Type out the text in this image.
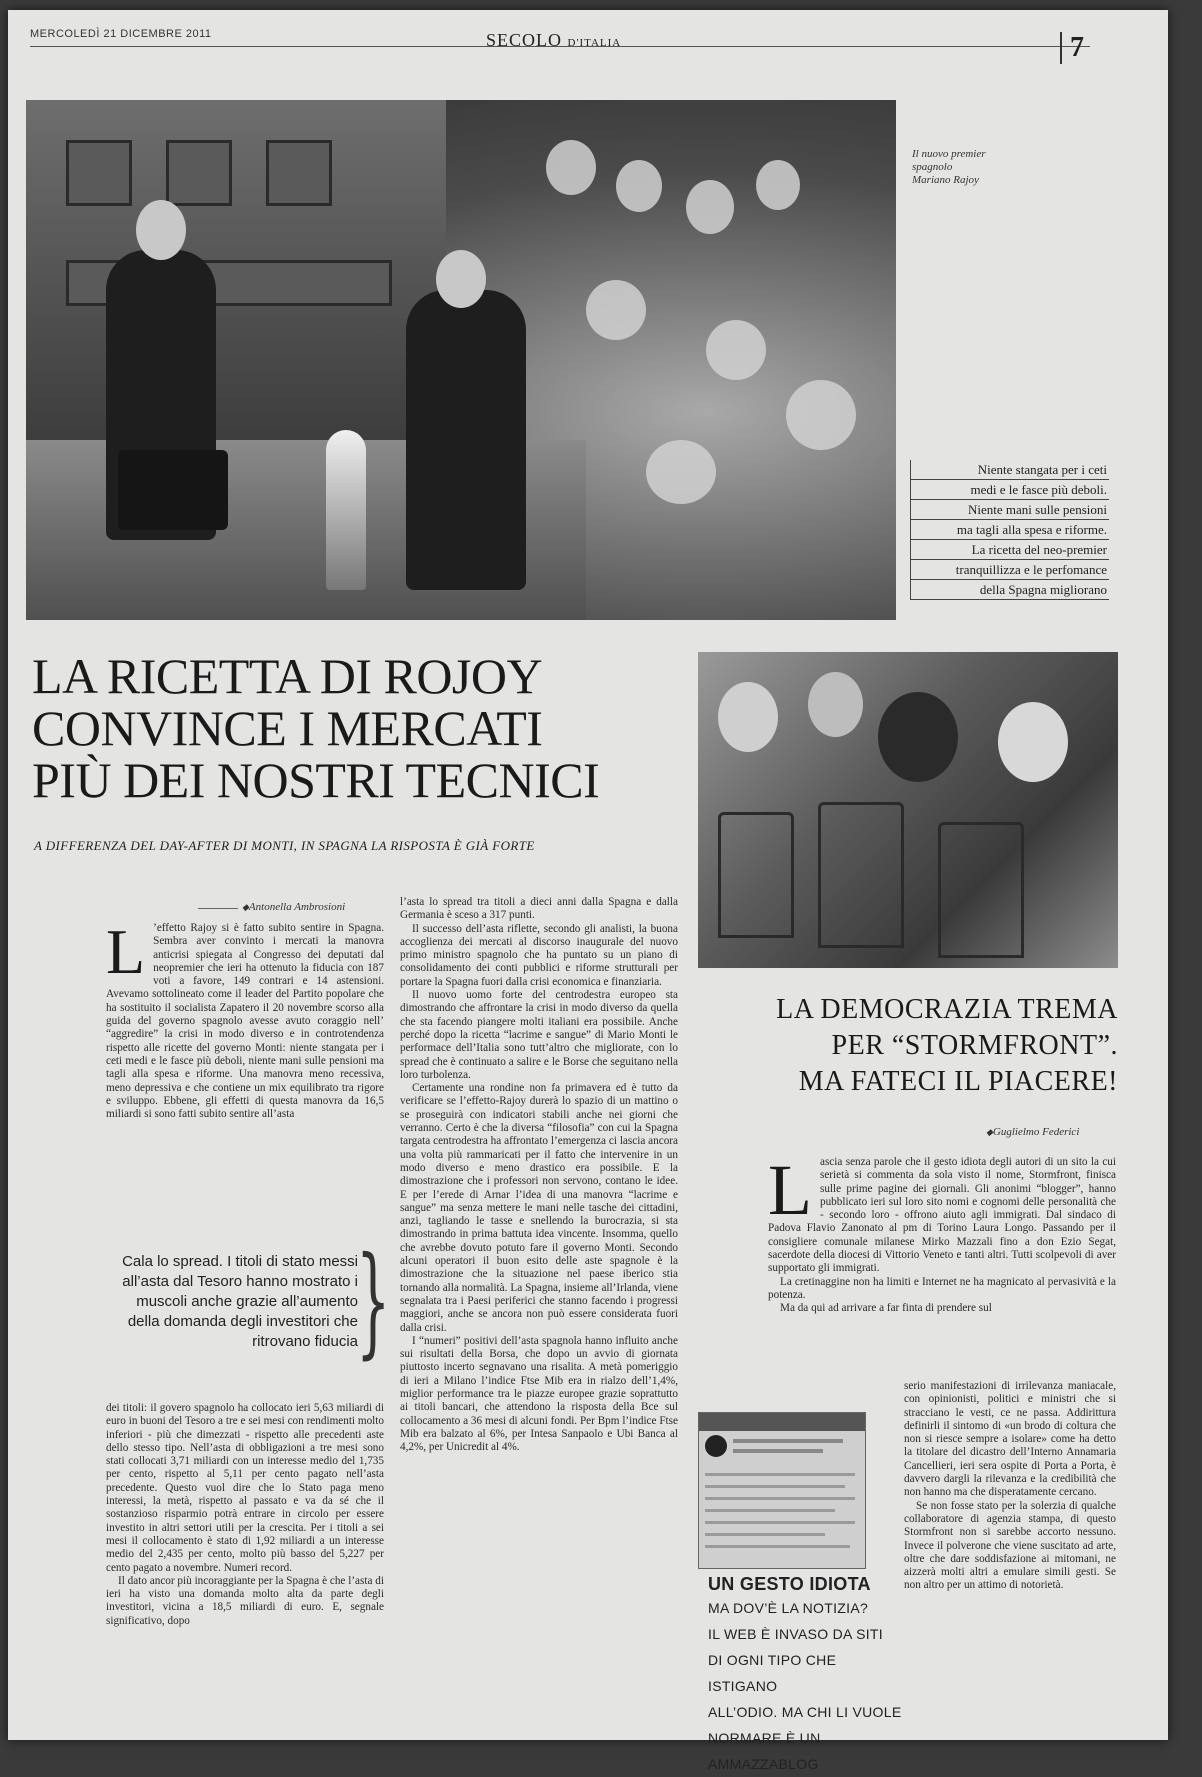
MERCOLEDÌ 21 DICEMBRE 2011	SECOLO D'ITALIA	7
Il nuovo premier
spagnolo
Mariano Rajoy
Niente stangata per i ceti
medi e le fasce più deboli.
Niente mani sulle pensioni
ma tagli alla spesa e riforme.
La ricetta del neo-premier
tranquillizza e le perfomance
della Spagna migliorano
LA RICETTA DI ROJOY
CONVINCE I MERCATI
PIÙ DEI NOSTRI TECNICI
A DIFFERENZA DEL DAY-AFTER DI MONTI, IN SPAGNA LA RISPOSTA È GIÀ FORTE
◆ Antonella Ambrosioni

L ’effetto Rajoy si è fatto subito sentire in Spagna. Sembra aver convinto i mercati la manovra anticrisi spiegata al Congresso dei deputati dal neopremier che ieri ha ottenuto la fiducia con 187 voti a favore, 149 contrari e 14 astensioni. Avevamo sottolineato come il leader del Partito popolare che ha sostituito il socialista Zapatero il 20 novembre scorso alla guida del governo spagnolo avesse avuto coraggio nell’ “aggredire” la crisi in modo diverso e in controtendenza rispetto alle ricette del governo Monti: niente stangata per i ceti medi e le fasce più deboli, niente mani sulle pensioni ma tagli alla spesa e riforme. Una manovra meno recessiva, meno depressiva e che contiene un mix equilibrato tra rigore e sviluppo. Ebbene, gli effetti di questa manovra da 16,5 miliardi si sono fatti subito sentire all’asta

Cala lo spread. I titoli di stato messi all’asta dal Tesoro hanno mostrato i muscoli anche grazie all’aumento della domanda degli investitori che ritrovano fiducia
}

dei titoli: il govero spagnolo ha collocato ieri 5,63 miliardi di euro in buoni del Tesoro a tre e sei mesi con rendimenti molto inferiori - più che dimezzati - rispetto alle precedenti aste dello stesso tipo. Nell’asta di obbligazioni a tre mesi sono stati collocati 3,71 miliardi con un interesse medio del 1,735 per cento, rispetto al 5,11 per cento pagato nell’asta precedente. Questo vuol dire che lo Stato paga meno interessi, la metà, rispetto al passato e va da sé che il sostanzioso risparmio potrà entrare in circolo per essere investito in altri settori utili per la crescita. Per i titoli a sei mesi il collocamento è stato di 1,92 miliardi a un interesse medio del 2,435 per cento, molto più basso del 5,227 per cento pagato a novembre. Numeri record.

Il dato ancor più incoraggiante per la Spagna è che l’asta di ieri ha visto una domanda molto alta da parte degli investitori, vicina a 18,5 miliardi di euro. E, segnale significativo, dopo

l’asta lo spread tra titoli a dieci anni dalla Spagna e dalla Germania è sceso a 317 punti.

Il successo dell’asta riflette, secondo gli analisti, la buona accoglienza dei mercati al discorso inaugurale del nuovo primo ministro spagnolo che ha puntato su un piano di consolidamento dei conti pubblici e riforme strutturali per portare la Spagna fuori dalla crisi economica e finanziaria.

Il nuovo uomo forte del centrodestra europeo sta dimostrando che affrontare la crisi in modo diverso da quella che sta facendo piangere molti italiani era possibile. Anche perché dopo la ricetta “lacrime e sangue” di Mario Monti le performace dell’Italia sono tutt’altro che migliorate, con lo spread che è continuato a salire e le Borse che seguitano nella loro turbolenza.

Certamente una rondine non fa primavera ed è tutto da verificare se l’effetto-Rajoy durerà lo spazio di un mattino o se proseguirà con indicatori stabili anche nei giorni che verranno. Certo è che la diversa “filosofia” con cui la Spagna targata centrodestra ha affrontato l’emergenza ci lascia ancora una volta più rammaricati per il fatto che intervenire in un modo diverso e meno drastico era possibile. E la dimostrazione che i professori non servono, contano le idee. E per l’erede di Arnar l’idea di una manovra “lacrime e sangue” ma senza mettere le mani nelle tasche dei cittadini, anzi, tagliando le tasse e snellendo la burocrazia, si sta dimostrando in prima battuta idea vincente. Insomma, quello che avrebbe dovuto potuto fare il governo Monti. Secondo alcuni operatori il buon esito delle aste spagnole è la dimostrazione che la situazione nel paese iberico stia tornando alla normalità. La Spagna, insieme all’Irlanda, viene segnalata tra i Paesi periferici che stanno facendo i progressi maggiori, anche se ancora non può essere considerata fuori dalla crisi.

I “numeri” positivi dell’asta spagnola hanno influito anche sui risultati della Borsa, che dopo un avvio di giornata piuttosto incerto segnavano una risalita. A metà pomeriggio di ieri a Milano l’indice Ftse Mib era in rialzo dell’1,4%, miglior performance tra le piazze europee grazie soprattutto ai titoli bancari, che attendono la risposta della Bce sul collocamento a 36 mesi di alcuni fondi. Per Bpm l’indice Ftse Mib era balzato al 6%, per Intesa Sanpaolo e Ubi Banca al 4,2%, per Unicredit al 4%.

LA DEMOCRAZIA TREMA
PER “STORMFRONT”.
MA FATECI IL PIACERE!
◆ Guglielmo Federici

Lascia senza parole che il gesto idiota degli autori di un sito la cui serietà si commenta da sola visto il nome, Stormfront, finisca sulle prime pagine dei giornali. Gli anonimi “blogger”, hanno pubblicato ieri sul loro sito nomi e cognomi delle personalità che - secondo loro - offrono aiuto agli immigrati. Dal sindaco di Padova Flavio Zanonato al pm di Torino Laura Longo. Passando per il consigliere comunale milanese Mirko Mazzali fino a don Ezio Segat, sacerdote della diocesi di Vittorio Veneto e tanti altri. Tutti scolpevoli di aver supportato gli immigrati.

La cretinaggine non ha limiti e Internet ne ha magnicato al pervasività e la potenza.

Ma da qui ad arrivare a far finta di prendere sul

UN GESTO IDIOTA
MA DOV’È LA NOTIZIA?
IL WEB È INVASO DA SITI
DI OGNI TIPO CHE ISTIGANO
ALL’ODIO. MA CHI LI VUOLE
NORMARE È UN AMMAZZABLOG

serio manifestazioni di irrilevanza maniacale, con opinionisti, politici e ministri che si stracciano le vesti, ce ne passa. Addirittura definirli il sintomo di «un brodo di coltura che non si riesce sempre a isolare» come ha detto la titolare del dicastro dell’Interno Annamaria Cancellieri, ieri sera ospite di Porta a Porta, è davvero dargli la rilevanza e la credibilità che non hanno ma che disperatamente cercano.

Se non fosse stato per la solerzia di qualche collaboratore di agenzia stampa, di questo Stormfront non si sarebbe accorto nessuno. Invece il polverone che viene suscitato ad arte, oltre che dare soddisfazione ai mitomani, ne aizzerà molti altri a emulare simili gesti. Se non altro per un attimo di notorietà.
